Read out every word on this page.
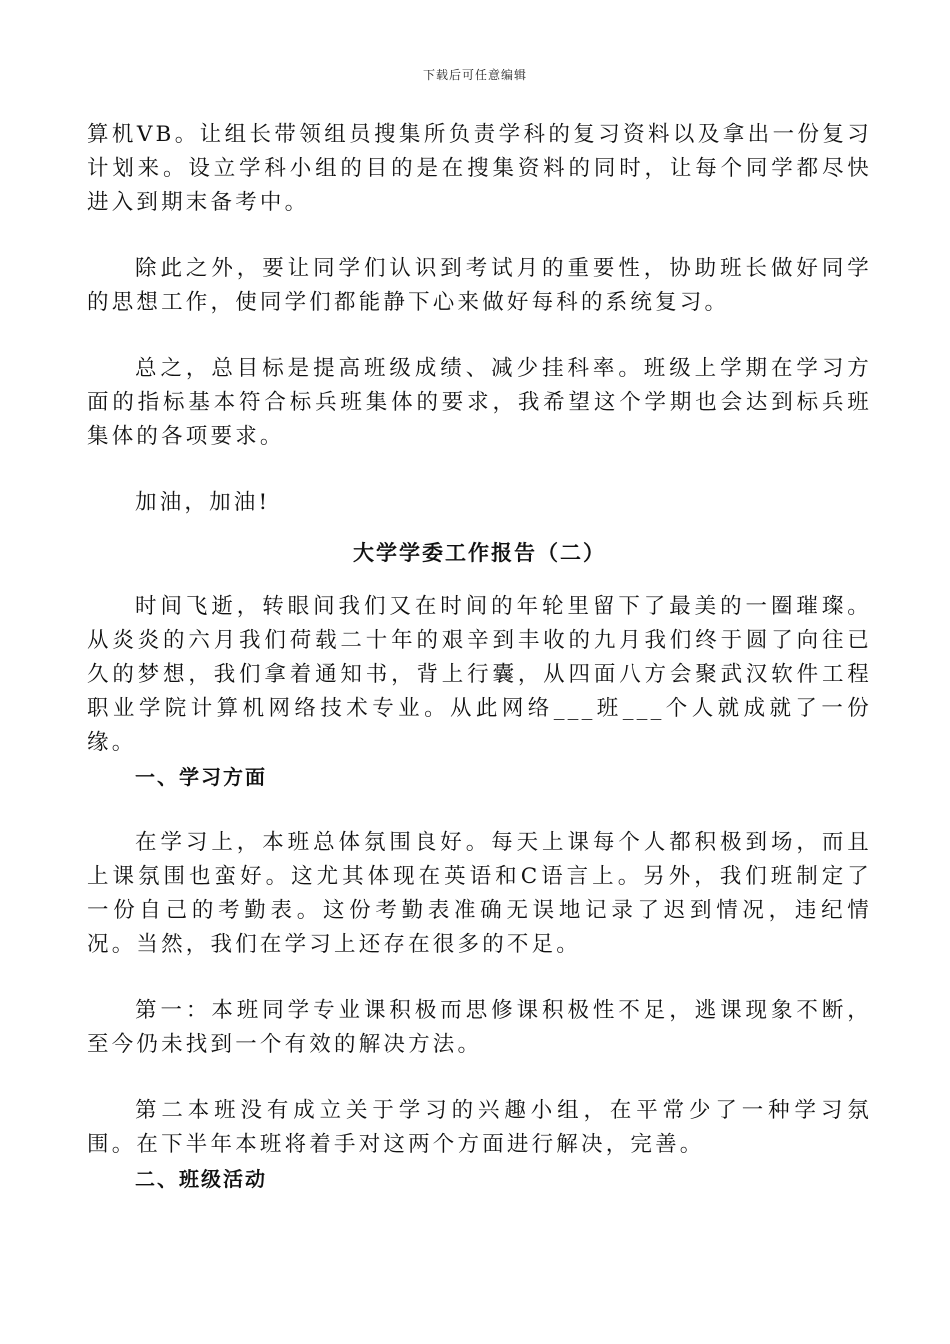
下载后可任意编辑

算机VB。让组长带领组员搜集所负责学科的复习资料以及拿出一份复习计划来。设立学科小组的目的是在搜集资料的同时，让每个同学都尽快进入到期末备考中。

除此之外，要让同学们认识到考试月的重要性，协助班长做好同学的思想工作，使同学们都能静下心来做好每科的系统复习。

总之，总目标是提高班级成绩、减少挂科率。班级上学期在学习方面的指标基本符合标兵班集体的要求，我希望这个学期也会达到标兵班集体的各项要求。

加油，加油!

大学学委工作报告（二）

时间飞逝，转眼间我们又在时间的年轮里留下了最美的一圈璀璨。从炎炎的六月我们荷载二十年的艰辛到丰收的九月我们终于圆了向往已久的梦想，我们拿着通知书，背上行囊，从四面八方会聚武汉软件工程职业学院计算机网络技术专业。从此网络___班___个人就成就了一份缘。

一、学习方面

在学习上，本班总体氛围良好。每天上课每个人都积极到场，而且上课氛围也蛮好。这尤其体现在英语和C语言上。另外，我们班制定了一份自己的考勤表。这份考勤表准确无误地记录了迟到情况，违纪情况。当然，我们在学习上还存在很多的不足。

第一：本班同学专业课积极而思修课积极性不足，逃课现象不断，至今仍未找到一个有效的解决方法。

第二本班没有成立关于学习的兴趣小组，在平常少了一种学习氛围。在下半年本班将着手对这两个方面进行解决，完善。

二、班级活动
